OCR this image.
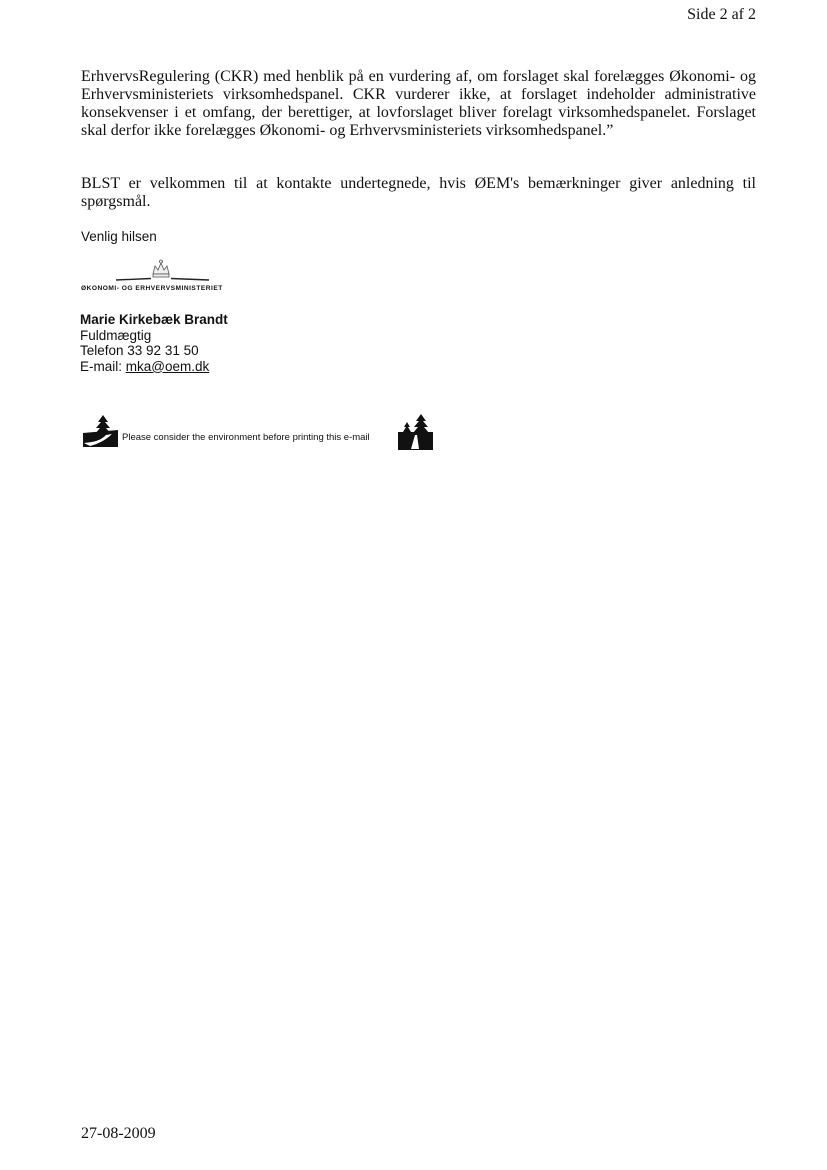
Side 2 af 2

ErhvervsRegulering (CKR) med henblik på en vurdering af, om forslaget skal forelægges Økonomi- og Erhvervsministeriets virksomhedspanel. CKR vurderer ikke, at forslaget indeholder administrative konsekvenser i et omfang, der berettiger, at lovforslaget bliver forelagt virksomhedspanelet. Forslaget skal derfor ikke forelægges Økonomi- og Erhvervsministeriets virksomhedspanel.”

BLST er velkommen til at kontakte undertegnede, hvis ØEM's bemærkninger giver anledning til spørgsmål.

Venlig hilsen
ØKONOMI- OG ERHVERVSMINISTERIET
Marie Kirkebæk Brandt
Fuldmægtig
Telefon 33 92 31 50
E-mail: mka@oem.dk
Please consider the environment before printing this e-mail
27-08-2009
